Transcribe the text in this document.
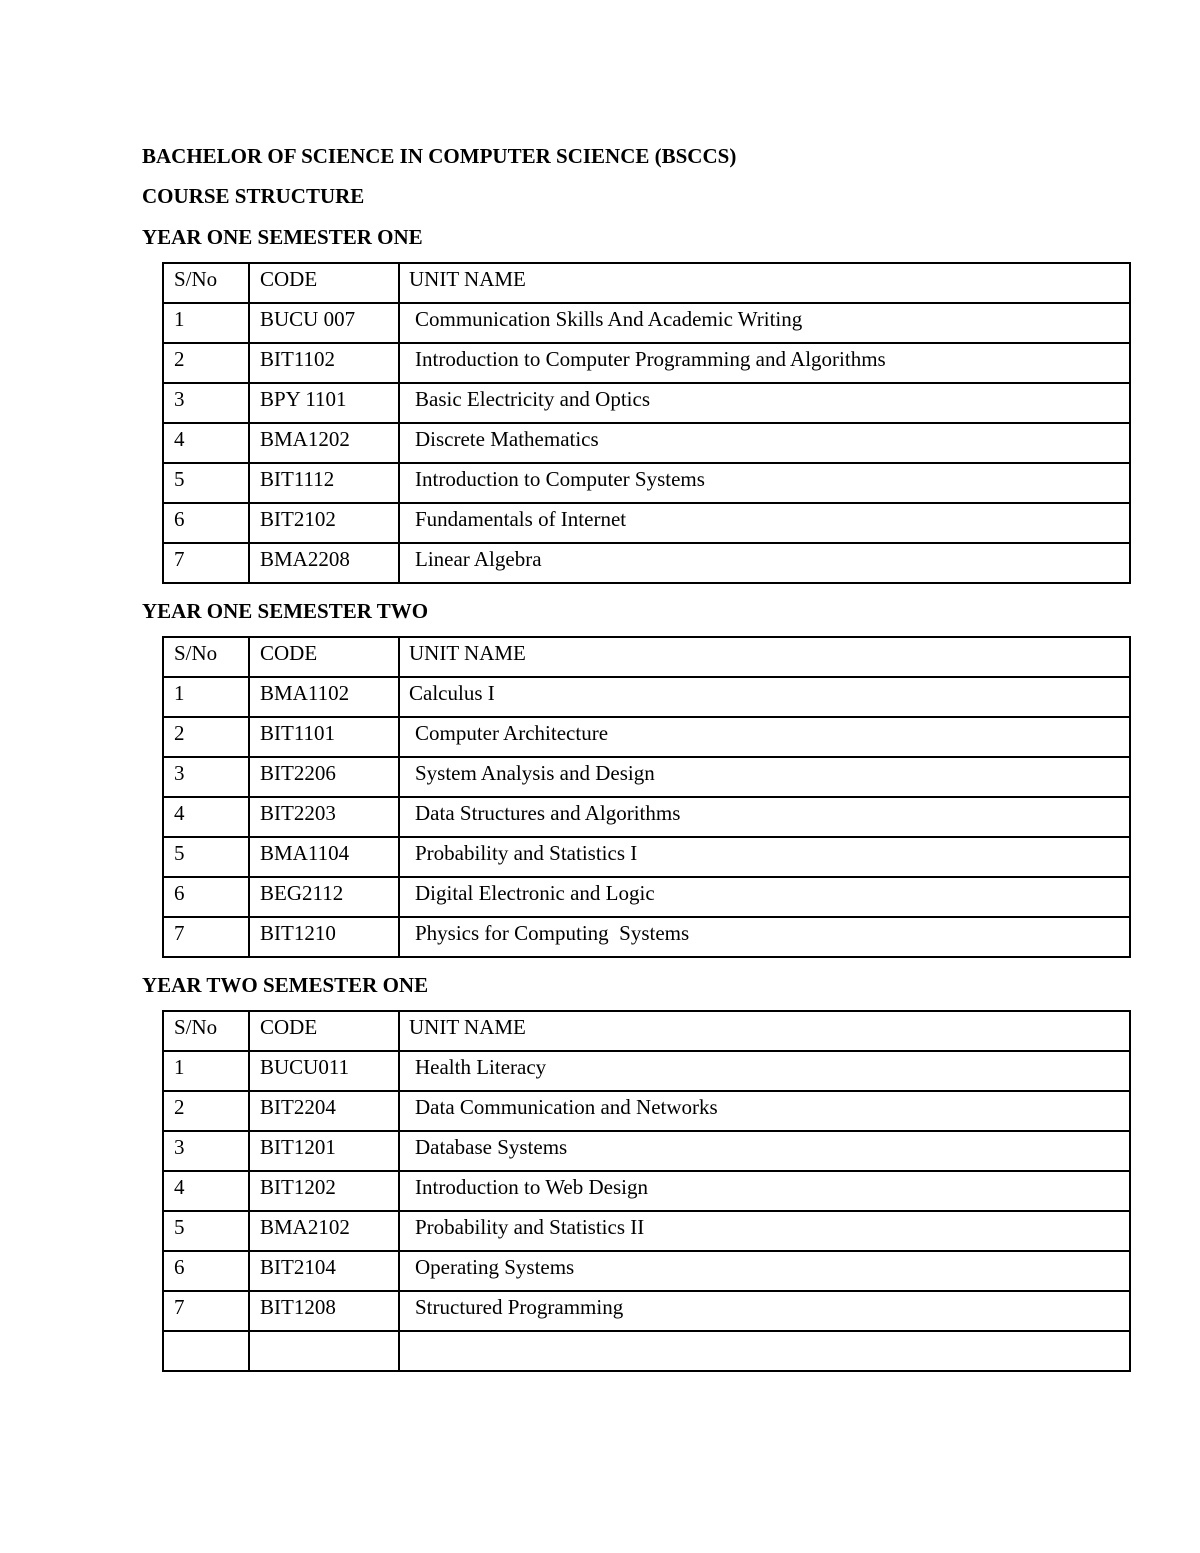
BACHELOR OF SCIENCE IN COMPUTER SCIENCE (BSCCS)
COURSE STRUCTURE
YEAR ONE SEMESTER ONE
S/No	CODE	UNIT NAME

1	BUCU 007	Communication Skills And Academic Writing

2	BIT1102	Introduction to Computer Programming and Algorithms

3	BPY 1101	Basic Electricity and Optics

4	BMA1202	Discrete Mathematics

5	BIT1112	Introduction to Computer Systems

6	BIT2102	Fundamentals of Internet

7	BMA2208	Linear Algebra
YEAR ONE SEMESTER TWO
S/No	CODE	UNIT NAME

1	BMA1102	Calculus I

2	BIT1101	Computer Architecture

3	BIT2206	System Analysis and Design

4	BIT2203	Data Structures and Algorithms

5	BMA1104	Probability and Statistics I

6	BEG2112	Digital Electronic and Logic

7	BIT1210	Physics for Computing  Systems
YEAR TWO SEMESTER ONE
S/No	CODE	UNIT NAME

1	BUCU011	Health Literacy

2	BIT2204	Data Communication and Networks

3	BIT1201	Database Systems

4	BIT1202	Introduction to Web Design

5	BMA2102	Probability and Statistics II

6	BIT2104	Operating Systems

7	BIT1208	Structured Programming
